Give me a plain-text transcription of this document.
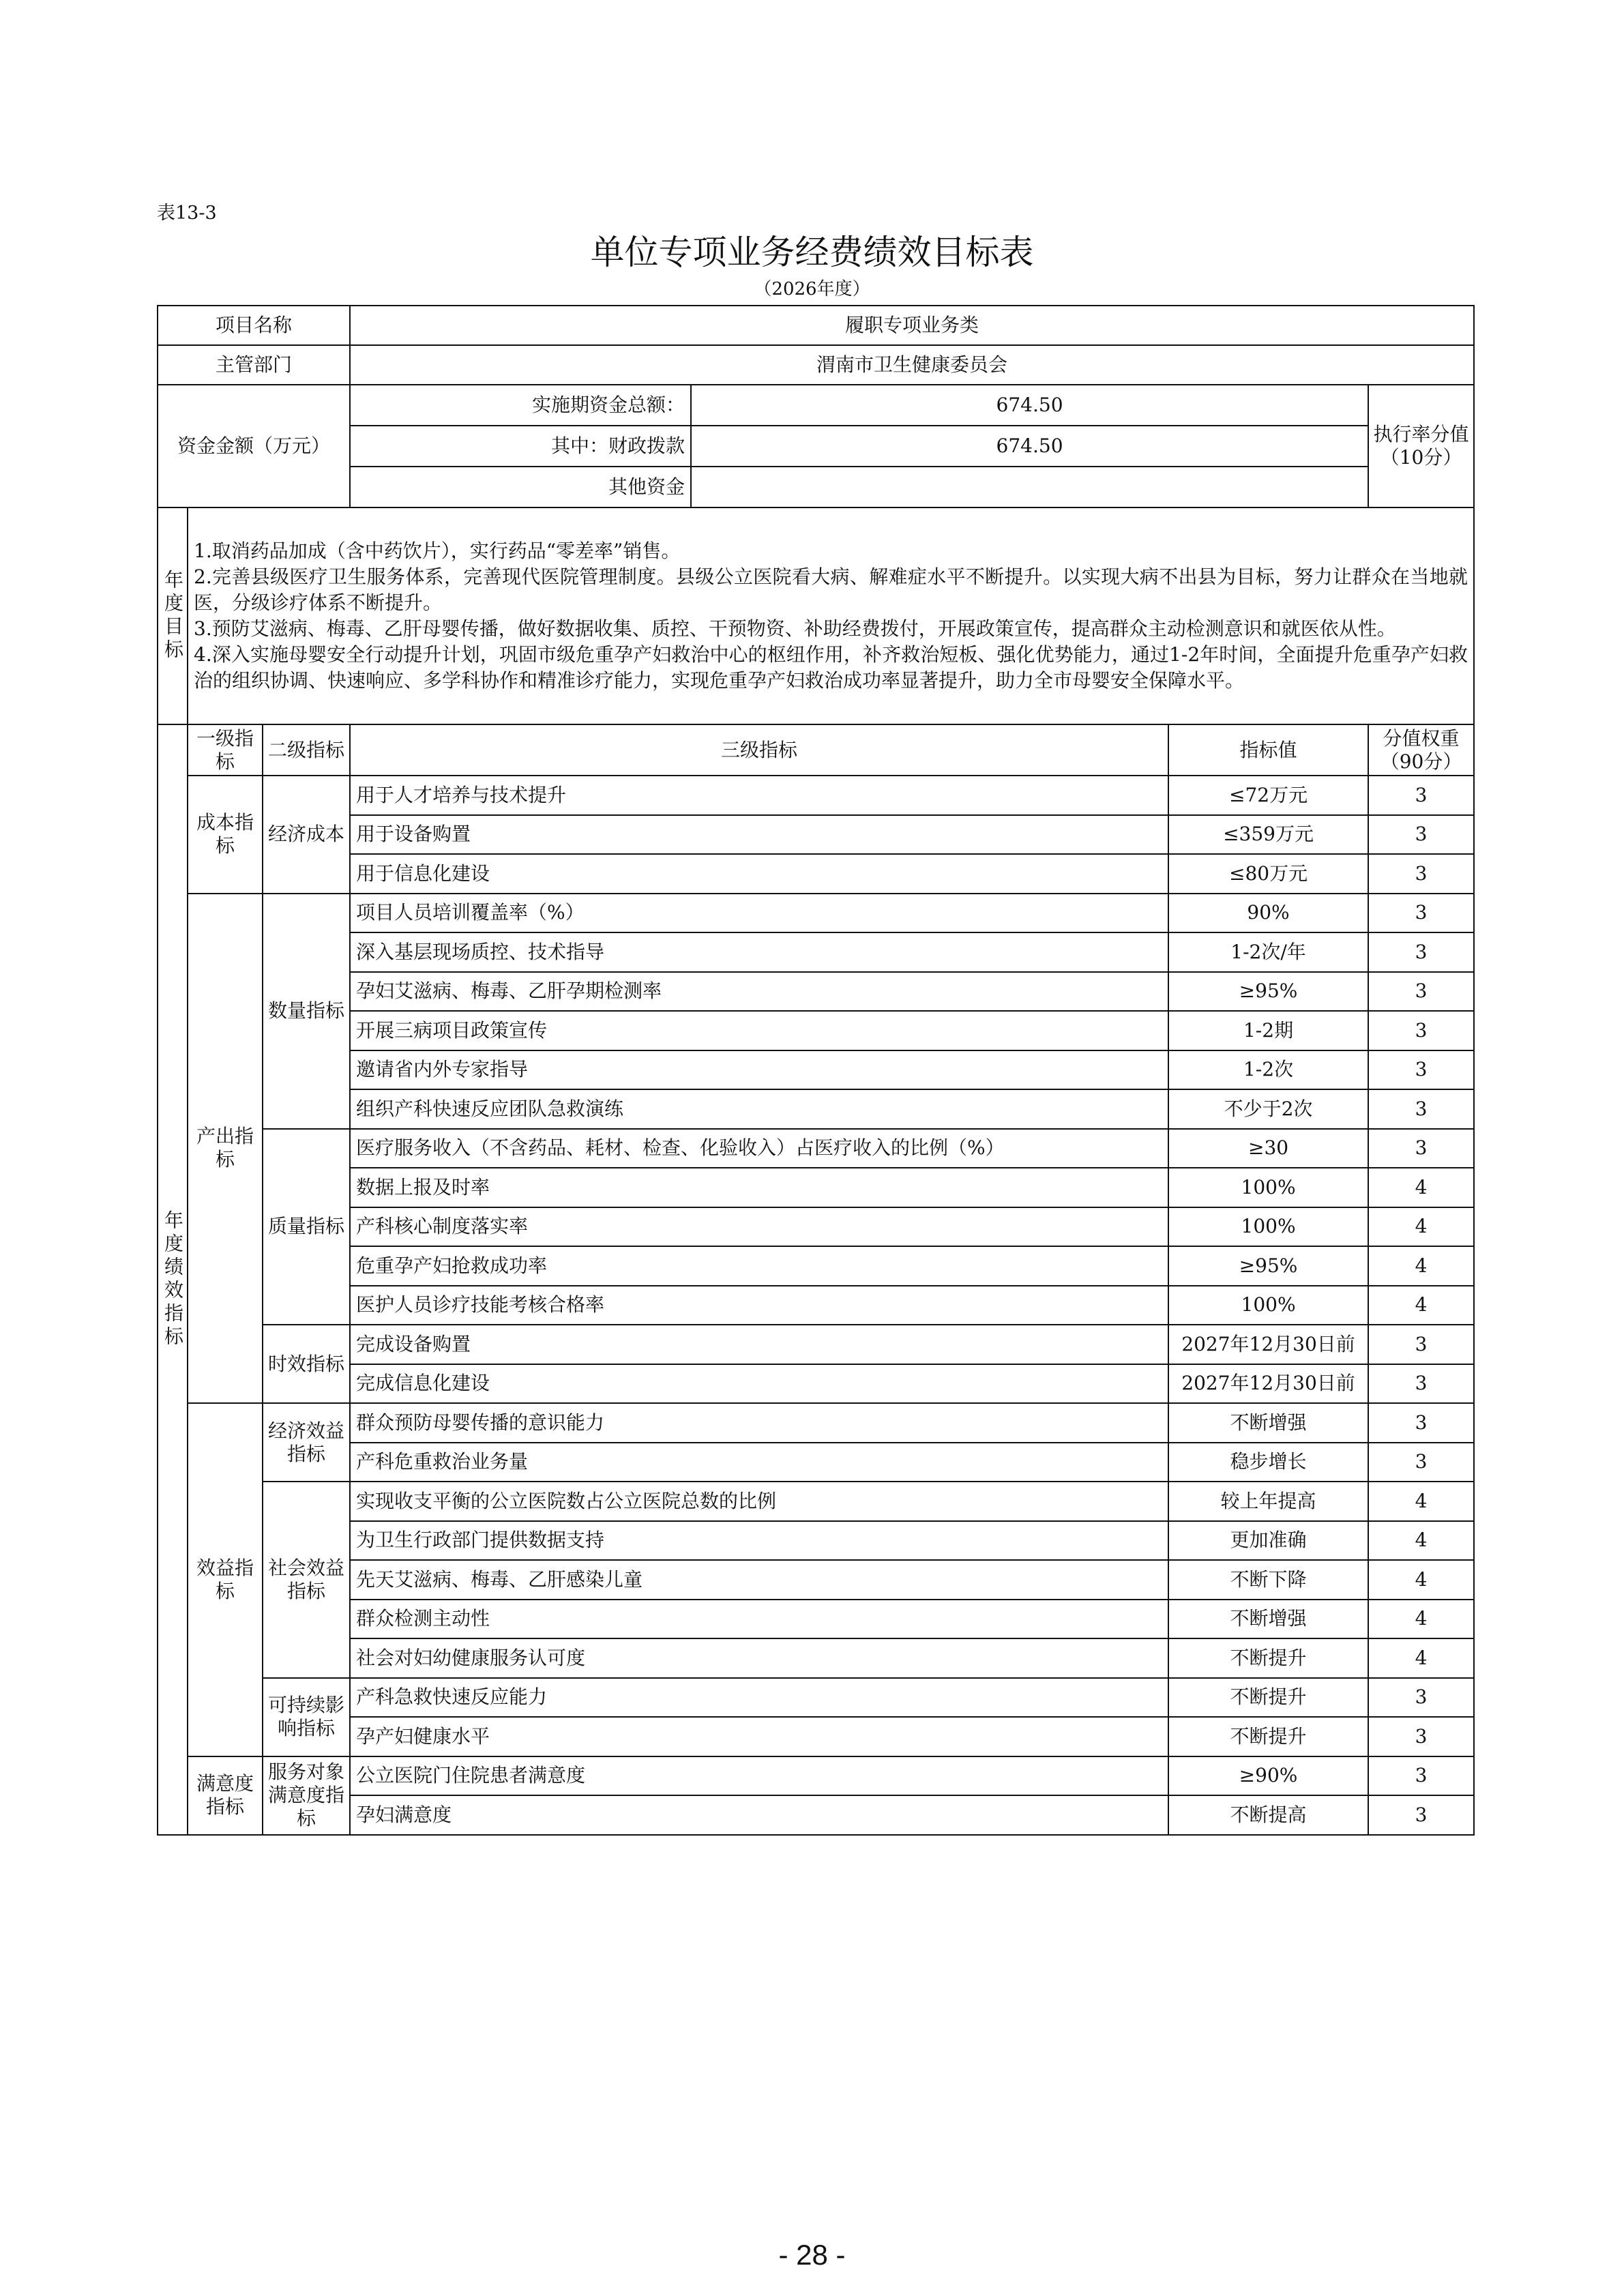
表13-3
单位专项业务经费绩效目标表
（2026年度）
项目名称			履职专项业务类			
主管部门			渭南市卫生健康委员会			
资金金额（万元）			实施期资金总额：	674.50		执行率分值（10分）
			其中：财政拨款	674.50		
			其他资金			

年度目标	1.取消药品加成（含中药饮片），实行药品“零差率”销售。
2.完善县级医疗卫生服务体系，完善现代医院管理制度。县级公立医院看大病、解难症水平不断提升。以实现大病不出县为目标，努力让群众在当地就医，分级诊疗体系不断提升。
3.预防艾滋病、梅毒、乙肝母婴传播，做好数据收集、质控、干预物资、补助经费拨付，开展政策宣传，提高群众主动检测意识和就医依从性。
4.深入实施母婴安全行动提升计划，巩固市级危重孕产妇救治中心的枢纽作用，补齐救治短板、强化优势能力，通过1-2年时间，全面提升危重孕产妇救治的组织协调、快速响应、多学科协作和精准诊疗能力，实现危重孕产妇救治成功率显著提升，助力全市母婴安全保障水平。					

年度绩效指标	一级指标	二级指标	三级指标		指标值	分值权重（90分）
	成本指标	经济成本	用于人才培养与技术提升		≤72万元	3
			用于设备购置		≤359万元	3
			用于信息化建设		≤80万元	3
	产出指标	数量指标	项目人员培训覆盖率（%）		90%	3
			深入基层现场质控、技术指导		1-2次/年	3
			孕妇艾滋病、梅毒、乙肝孕期检测率		≥95%	3
			开展三病项目政策宣传		1-2期	3
			邀请省内外专家指导		1-2次	3
			组织产科快速反应团队急救演练		不少于2次	3
		质量指标	医疗服务收入（不含药品、耗材、检查、化验收入）占医疗收入的比例（%）		≥30	3
			数据上报及时率		100%	4
			产科核心制度落实率		100%	4
			危重孕产妇抢救成功率		≥95%	4
			医护人员诊疗技能考核合格率		100%	4
		时效指标	完成设备购置		2027年12月30日前	3
			完成信息化建设		2027年12月30日前	3
	效益指标	经济效益指标	群众预防母婴传播的意识能力		不断增强	3
			产科危重救治业务量		稳步增长	3
		社会效益指标	实现收支平衡的公立医院数占公立医院总数的比例		较上年提高	4
			为卫生行政部门提供数据支持		更加准确	4
			先天艾滋病、梅毒、乙肝感染儿童		不断下降	4
			群众检测主动性		不断增强	4
			社会对妇幼健康服务认可度		不断提升	4
		可持续影响指标	产科急救快速反应能力		不断提升	3
			孕产妇健康水平		不断提升	3
	满意度指标	服务对象满意度指标	公立医院门住院患者满意度		≥90%	3
			孕妇满意度		不断提高	3
- 28 -
